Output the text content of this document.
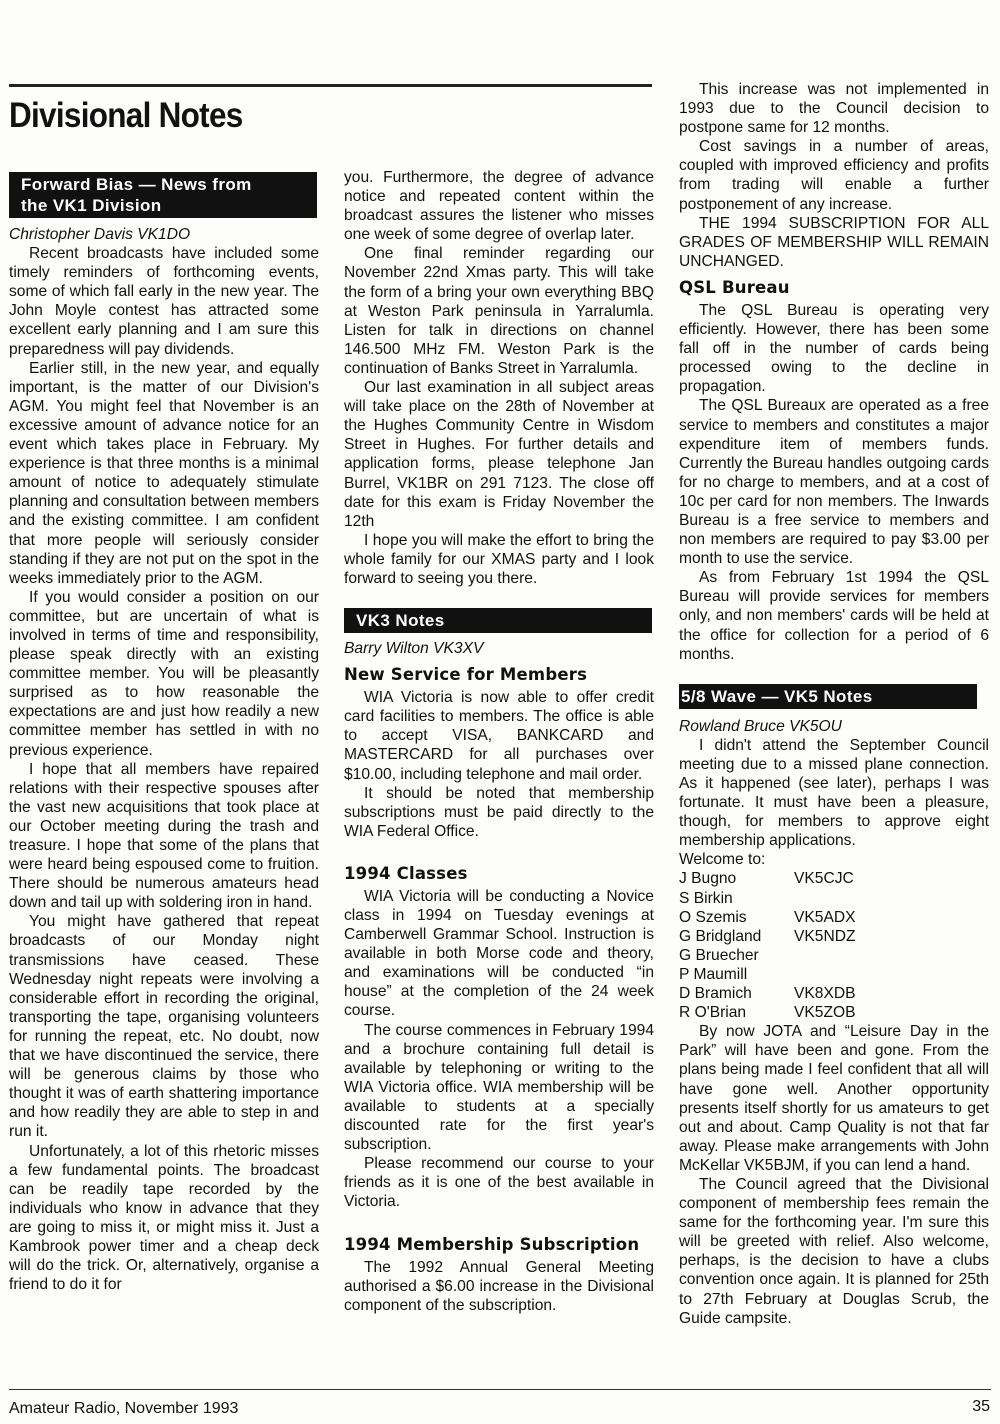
Divisional Notes
Forward Bias — News from
the VK1 Division

Christopher Davis VK1DO

Recent broadcasts have included some timely reminders of forthcoming events, some of which fall early in the new year. The John Moyle contest has attracted some excellent early planning and I am sure this preparedness will pay dividends.

Earlier still, in the new year, and equally important, is the matter of our Division's AGM. You might feel that November is an excessive amount of advance notice for an event which takes place in February. My experience is that three months is a minimal amount of notice to adequately stimulate planning and consultation between members and the existing committee. I am confident that more people will seriously consider standing if they are not put on the spot in the weeks immediately prior to the AGM.

If you would consider a position on our committee, but are uncertain of what is involved in terms of time and responsibility, please speak directly with an existing committee member. You will be pleasantly surprised as to how reasonable the expectations are and just how readily a new committee member has settled in with no previous experience.

I hope that all members have repaired relations with their respective spouses after the vast new acquisitions that took place at our October meeting during the trash and treasure. I hope that some of the plans that were heard being espoused come to fruition. There should be numerous amateurs head down and tail up with soldering iron in hand.

You might have gathered that repeat broadcasts of our Monday night transmissions have ceased. These Wednesday night repeats were involving a considerable effort in recording the original, transporting the tape, organising volunteers for running the repeat, etc. No doubt, now that we have discontinued the service, there will be generous claims by those who thought it was of earth shattering importance and how readily they are able to step in and run it.

Unfortunately, a lot of this rhetoric misses a few fundamental points. The broadcast can be readily tape recorded by the individuals who know in advance that they are going to miss it, or might miss it. Just a Kambrook power timer and a cheap deck will do the trick. Or, alternatively, organise a friend to do it for

you. Furthermore, the degree of advance notice and repeated content within the broadcast assures the listener who misses one week of some degree of overlap later.

One final reminder regarding our November 22nd Xmas party. This will take the form of a bring your own everything BBQ at Weston Park peninsula in Yarralumla. Listen for talk in directions on channel 146.500 MHz FM. Weston Park is the continuation of Banks Street in Yarralumla.

Our last examination in all subject areas will take place on the 28th of November at the Hughes Community Centre in Wisdom Street in Hughes. For further details and application forms, please telephone Jan Burrel, VK1BR on 291 7123. The close off date for this exam is Friday November the 12th

I hope you will make the effort to bring the whole family for our XMAS party and I look forward to seeing you there.

VK3 Notes

Barry Wilton VK3XV

New Service for Members

WIA Victoria is now able to offer credit card facilities to members. The office is able to accept VISA, BANKCARD and MASTERCARD for all purchases over $10.00, including telephone and mail order.

It should be noted that membership subscriptions must be paid directly to the WIA Federal Office.

1994 Classes

WIA Victoria will be conducting a Novice class in 1994 on Tuesday evenings at Camberwell Grammar School. Instruction is available in both Morse code and theory, and examinations will be conducted “in house” at the completion of the 24 week course.

The course commences in February 1994 and a brochure containing full detail is available by telephoning or writing to the WIA Victoria office. WIA membership will be available to students at a specially discounted rate for the first year's subscription.

Please recommend our course to your friends as it is one of the best available in Victoria.

1994 Membership Subscription

The 1992 Annual General Meeting authorised a $6.00 increase in the Divisional component of the subscription.

This increase was not implemented in 1993 due to the Council decision to postpone same for 12 months.

Cost savings in a number of areas, coupled with improved efficiency and profits from trading will enable a further postponement of any increase.

THE 1994 SUBSCRIPTION FOR ALL GRADES OF MEMBERSHIP WILL REMAIN UNCHANGED.

QSL Bureau

The QSL Bureau is operating very efficiently. However, there has been some fall off in the number of cards being processed owing to the decline in propagation.

The QSL Bureaux are operated as a free service to members and constitutes a major expenditure item of members funds. Currently the Bureau handles outgoing cards for no charge to members, and at a cost of 10c per card for non members. The Inwards Bureau is a free service to members and non members are required to pay $3.00 per month to use the service.

As from February 1st 1994 the QSL Bureau will provide services for members only, and non members' cards will be held at the office for collection for a period of 6 months.

5/8 Wave — VK5 Notes

Rowland Bruce VK5OU

I didn't attend the September Council meeting due to a missed plane connection. As it happened (see later), perhaps I was fortunate. It must have been a pleasure, though, for members to approve eight membership applications.

Welcome to:

J Bugno	VK5CJC
S Birkin	
O Szemis	VK5ADX
G Bridgland	VK5NDZ
G Bruecher	
P Maumill	
D Bramich	VK8XDB
R O'Brian	VK5ZOB

By now JOTA and “Leisure Day in the Park” will have been and gone. From the plans being made I feel confident that all will have gone well. Another opportunity presents itself shortly for us amateurs to get out and about. Camp Quality is not that far away. Please make arrangements with John McKellar VK5BJM, if you can lend a hand.

The Council agreed that the Divisional component of membership fees remain the same for the forthcoming year. I'm sure this will be greeted with relief. Also welcome, perhaps, is the decision to have a clubs convention once again. It is planned for 25th to 27th February at Douglas Scrub, the Guide campsite.

Amateur Radio, November 1993	35
